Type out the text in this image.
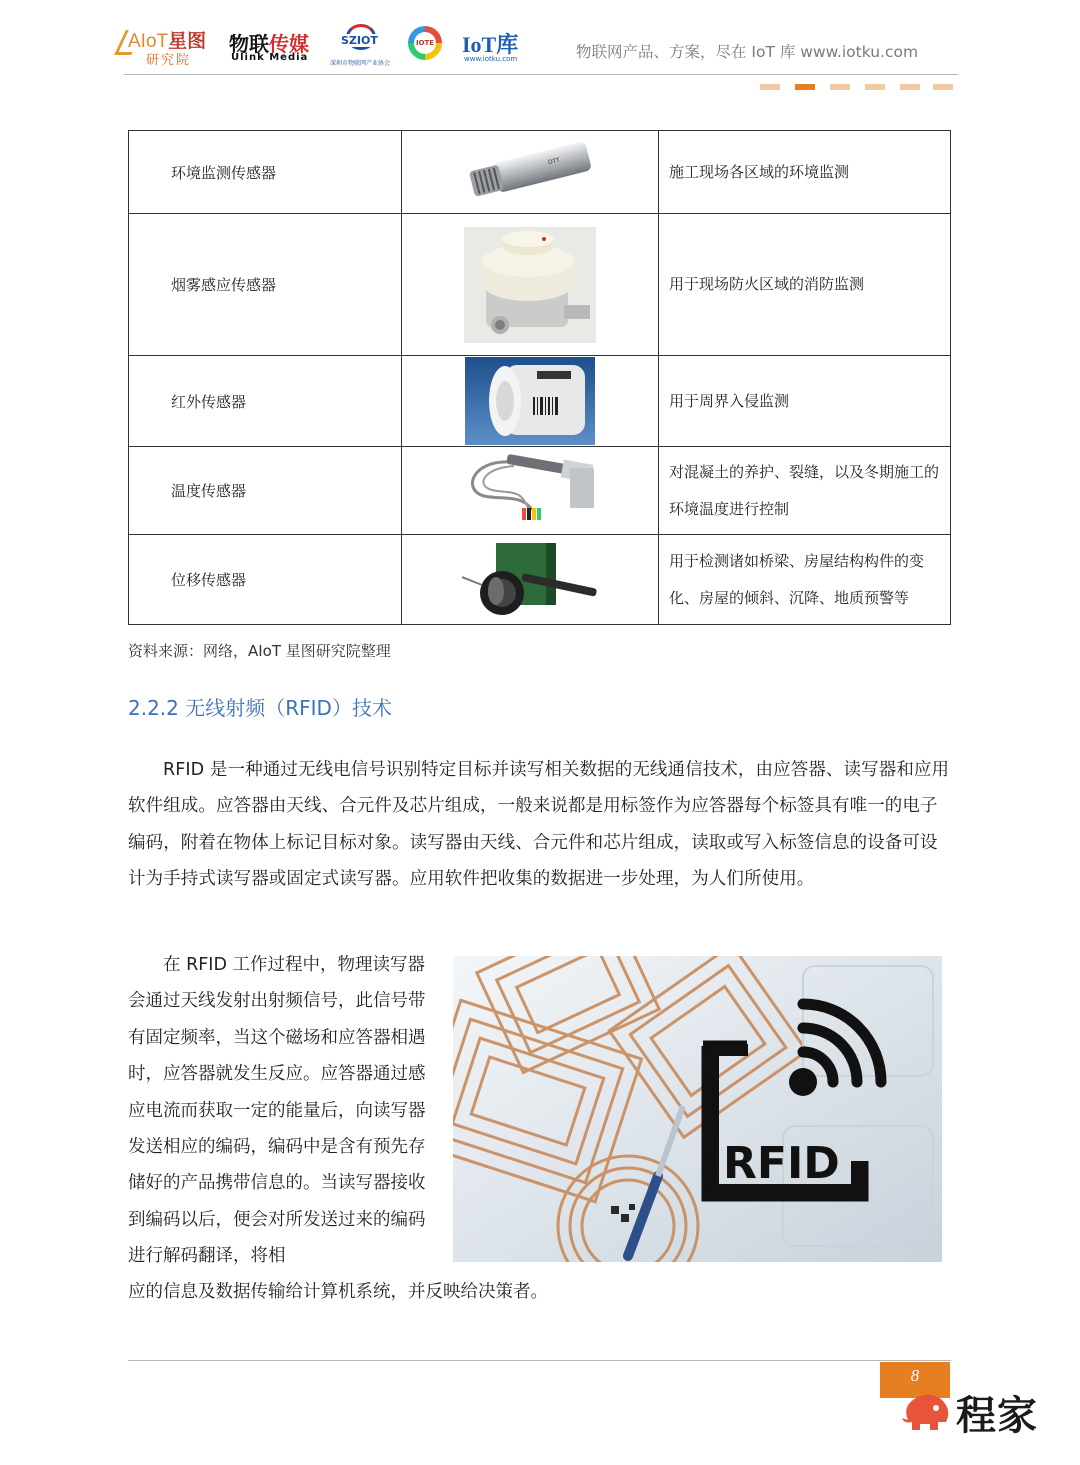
AIoT星图
研究院
物联传媒
Ulink Media
SZIOT
深圳市物联网产业协会
IOTE IoT库
www.iotku.com	物联网产品、方案，尽在 IoT 库 www.iotku.com
环境监测传感器	OTT	施工现场各区域的环境监测
烟雾感应传感器		用于现场防火区域的消防监测
红外传感器		用于周界入侵监测
温度传感器		对混凝土的养护、裂缝，以及冬期施工的环境温度进行控制
位移传感器		用于检测诸如桥梁、房屋结构构件的变化、房屋的倾斜、沉降、地质预警等
资料来源：网络，AIoT 星图研究院整理
2.2.2 无线射频（RFID）技术
RFID 是一种通过无线电信号识别特定目标并读写相关数据的无线通信技术，由应答器、读写器和应用软件组成。应答器由天线、合元件及芯片组成，一般来说都是用标签作为应答器每个标签具有唯一的电子编码，附着在物体上标记目标对象。读写器由天线、合元件和芯片组成，读取或写入标签信息的设备可设计为手持式读写器或固定式读写器。应用软件把收集的数据进一步处理，为人们所使用。
在 RFID 工作过程中，物理读写器会通过天线发射出射频信号，此信号带有固定频率，当这个磁场和应答器相遇时，应答器就发生反应。应答器通过感应电流而获取一定的能量后，向读写器发送相应的编码，编码中是含有预先存储好的产品携带信息的。当读写器接收到编码以后，便会对所发送过来的编码进行解码翻译，将相
应的信息及数据传输给计算机系统，并反映给决策者。
RFID
8
程家
